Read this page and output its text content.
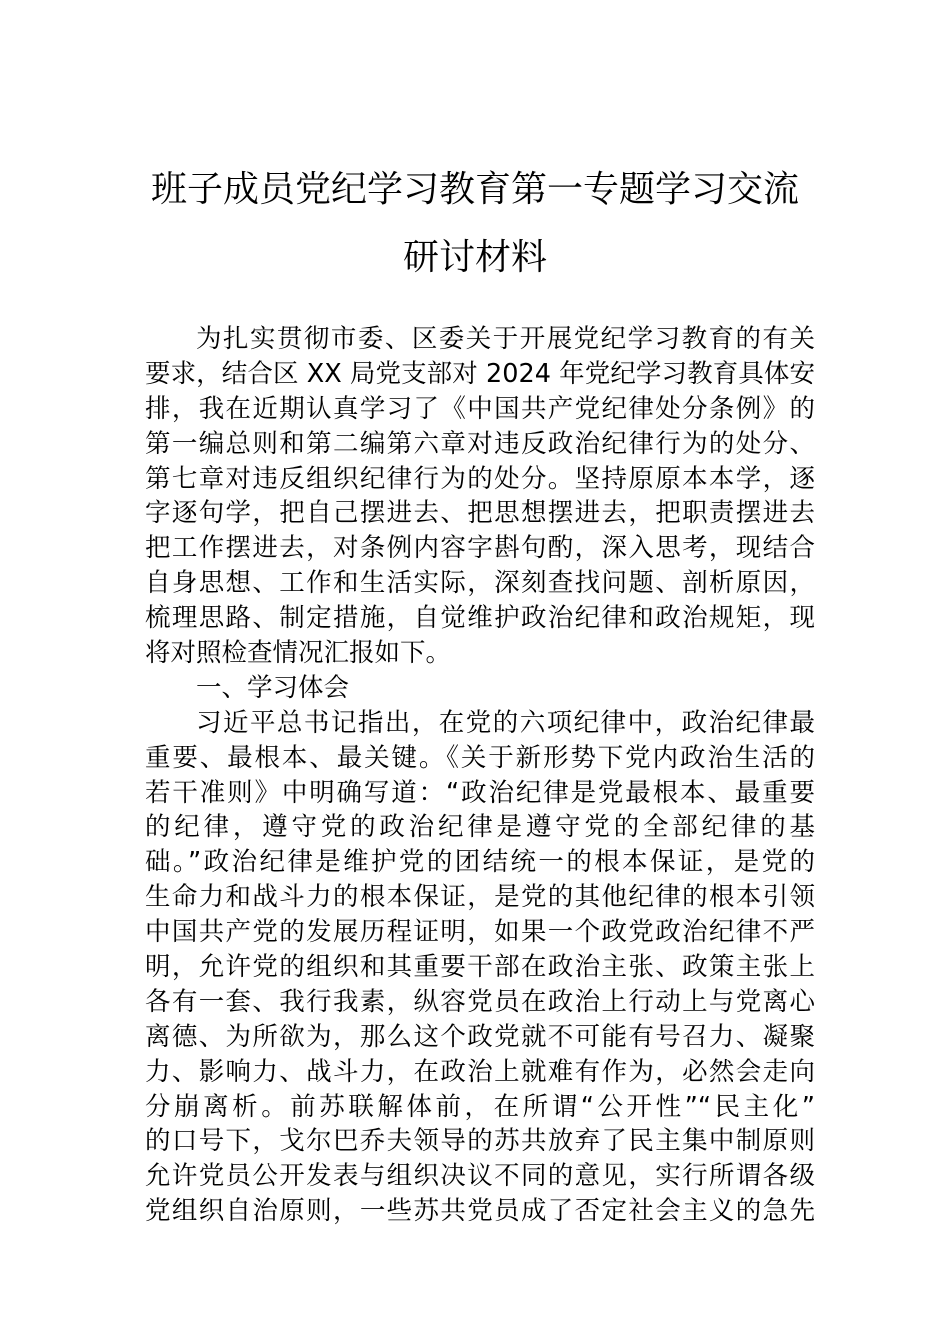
班子成员党纪学习教育第一专题学习交流
研讨材料
为扎实贯彻市委、区委关于开展党纪学习教育的有关
要求，结合区 XX 局党支部对 2024 年党纪学习教育具体安
排，我在近期认真学习了《中国共产党纪律处分条例》的
第一编总则和第二编第六章对违反政治纪律行为的处分、
第七章对违反组织纪律行为的处分。坚持原原本本学，逐
字逐句学，把自己摆进去、把思想摆进去，把职责摆进去
把工作摆进去，对条例内容字斟句酌，深入思考，现结合
自身思想、工作和生活实际，深刻查找问题、剖析原因，
梳理思路、制定措施，自觉维护政治纪律和政治规矩，现
将对照检查情况汇报如下。
一、学习体会
习近平总书记指出，在党的六项纪律中，政治纪律最
重要、最根本、最关键。《关于新形势下党内政治生活的
若干准则》中明确写道：“政治纪律是党最根本、最重要
的纪律，遵守党的政治纪律是遵守党的全部纪律的基
础。”政治纪律是维护党的团结统一的根本保证，是党的
生命力和战斗力的根本保证，是党的其他纪律的根本引领
中国共产党的发展历程证明，如果一个政党政治纪律不严
明，允许党的组织和其重要干部在政治主张、政策主张上
各有一套、我行我素，纵容党员在政治上行动上与党离心
离德、为所欲为，那么这个政党就不可能有号召力、凝聚
力、影响力、战斗力，在政治上就难有作为，必然会走向
分崩离析。前苏联解体前，在所谓“公开性”“民主化”
的口号下，戈尔巴乔夫领导的苏共放弃了民主集中制原则
允许党员公开发表与组织决议不同的意见，实行所谓各级
党组织自治原则，一些苏共党员成了否定社会主义的急先
